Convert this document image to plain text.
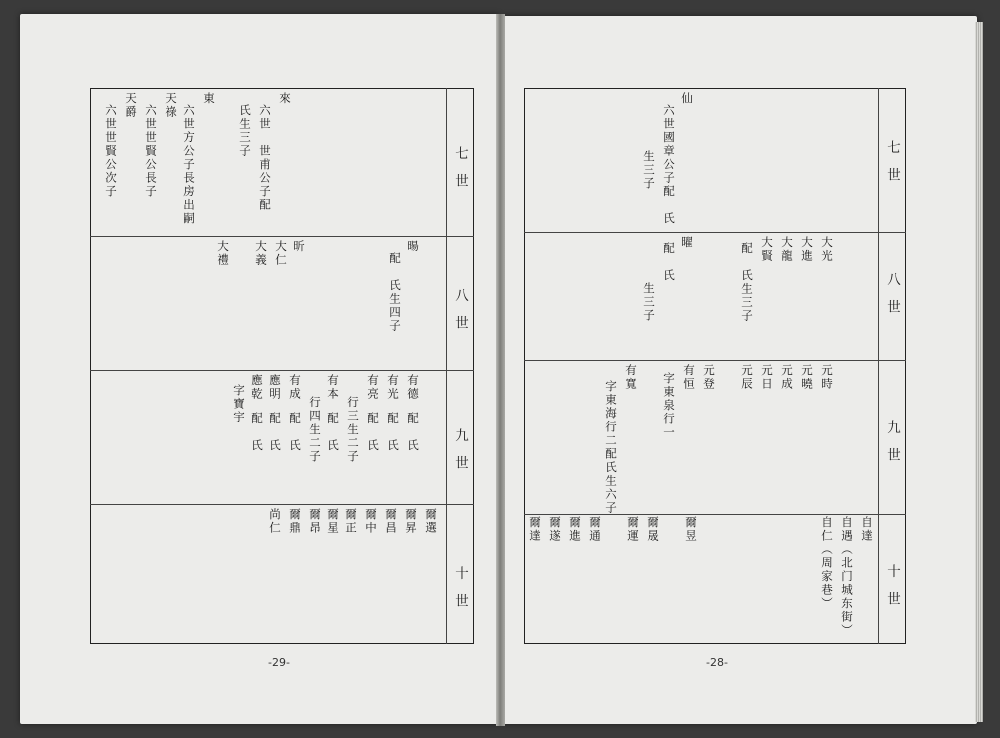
七世
八世
九世
十世
來
六世　世甫公子配
氏生三子
東
六世方公子長房出嗣
天祿
六世世賢公長子
天爵
六世世賢公次子
暘
配　氏生四子
昕
大仁
大義
大禮
有德
配　氏
有光
配　氏
有亮
配　氏
行三生二子
有本
配　氏
行四生二子
有成
配　氏
應明
配　氏
應乾
配　氏
字寶宇
爾選
爾昇
爾昌
爾中
爾正
爾星
爾昂
爾鼎
尚仁
-29-
七世
八世
九世
十世
仙
六世國章公子配　氏
生三子
大光
大進
大龍
大賢
配　氏生三子
曜
配　氏
生三子
元時
元曉
元成
元日
元辰
元登
有恒
字東泉行一
有寬
字東海行二配氏生六子
自達
自遇（北门城东街）
自仁（周家巷）
爾昱
爾晟
爾運
爾通
爾進
爾遂
爾達
-28-
